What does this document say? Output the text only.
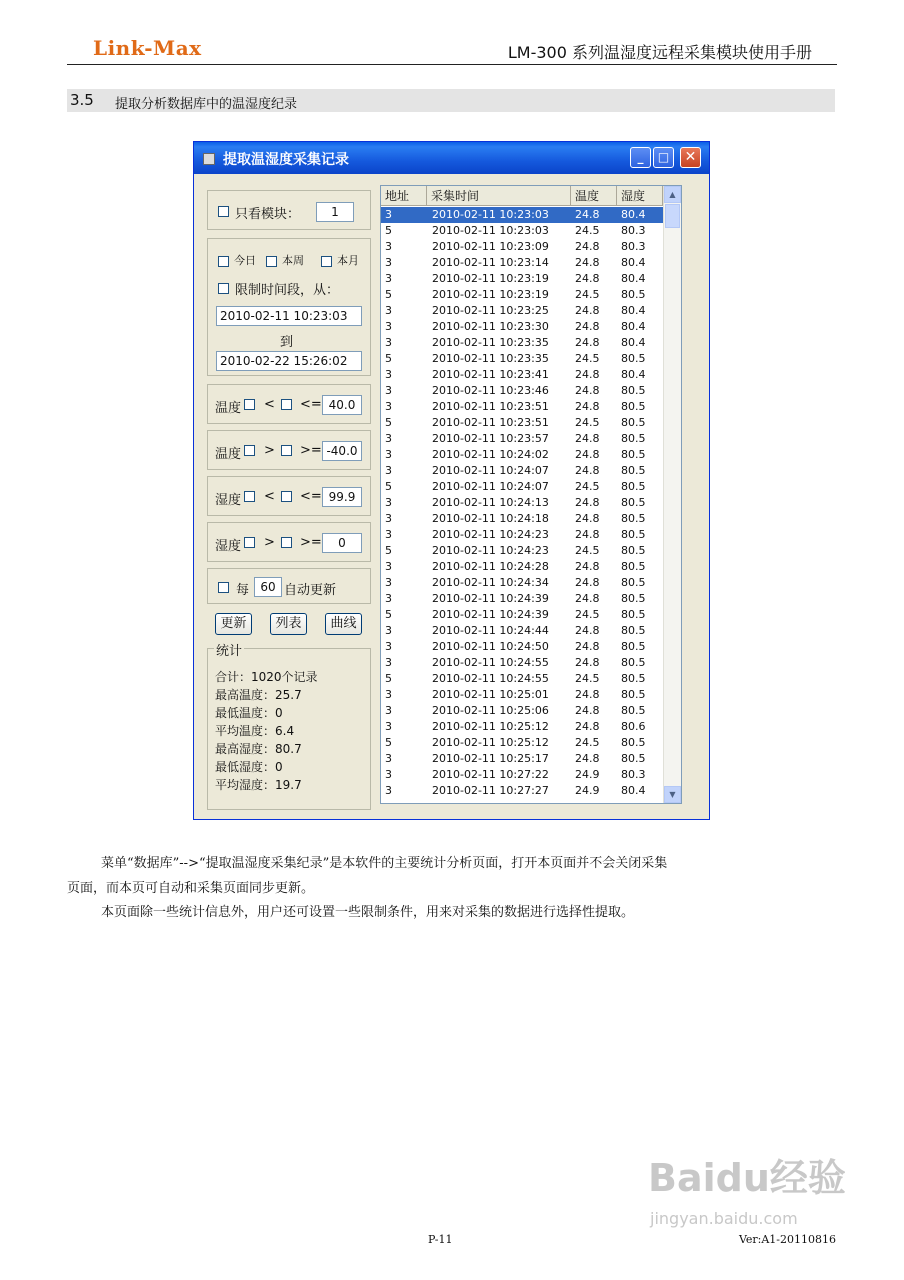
Link-Max	LM-300 系列温湿度远程采集模块使用手册
3.5 提取分析数据库中的温湿度纪录
提取温湿度采集记录	_	□	✕
只看模块：	1
今日 本周	本月
限制时间段，从：
2010-02-11 10:23:03
到
2010-02-22 15:26:02
温度 < <= 40.0
温度 > >= -40.0
湿度 < <= 99.9
湿度 > >=	0
每 60 自动更新
更新	列表	曲线
统计
合计：1020个记录
最高温度：25.7
最低温度：0
平均温度：6.4
最高湿度：80.7
最低湿度：0
平均湿度：19.7
地址	采集时间	温度	湿度
3	2010-02-11 10:23:03 24.8 80.4
5	2010-02-11 10:23:03 24.5 80.3
3	2010-02-11 10:23:09 24.8 80.3
3	2010-02-11 10:23:14 24.8 80.4
3	2010-02-11 10:23:19 24.8 80.4
5	2010-02-11 10:23:19 24.5 80.5
3	2010-02-11 10:23:25 24.8 80.4
3	2010-02-11 10:23:30 24.8 80.4
3	2010-02-11 10:23:35 24.8 80.4
5	2010-02-11 10:23:35 24.5 80.5
3	2010-02-11 10:23:41 24.8 80.4
3	2010-02-11 10:23:46 24.8 80.5
3	2010-02-11 10:23:51 24.8 80.5
5	2010-02-11 10:23:51 24.5 80.5
3	2010-02-11 10:23:57 24.8 80.5
3	2010-02-11 10:24:02 24.8 80.5
3	2010-02-11 10:24:07 24.8 80.5
5	2010-02-11 10:24:07 24.5 80.5
3	2010-02-11 10:24:13 24.8 80.5
3	2010-02-11 10:24:18 24.8 80.5
3	2010-02-11 10:24:23 24.8 80.5
5	2010-02-11 10:24:23 24.5 80.5
3	2010-02-11 10:24:28 24.8 80.5
3	2010-02-11 10:24:34 24.8 80.5
3	2010-02-11 10:24:39 24.8 80.5
5	2010-02-11 10:24:39 24.5 80.5
3	2010-02-11 10:24:44 24.8 80.5
3	2010-02-11 10:24:50 24.8 80.5
3	2010-02-11 10:24:55 24.8 80.5
5	2010-02-11 10:24:55 24.5 80.5
3	2010-02-11 10:25:01 24.8 80.5
3	2010-02-11 10:25:06 24.8 80.5
3	2010-02-11 10:25:12 24.8 80.6
5	2010-02-11 10:25:12 24.5 80.5
3	2010-02-11 10:25:17 24.8 80.5
3	2010-02-11 10:27:22 24.9 80.3
3	2010-02-11 10:27:27 24.9 80.4
▲
▼
菜单“数据库”-->“提取温湿度采集纪录”是本软件的主要统计分析页面，打开本页面并不会关闭采集
页面，而本页可自动和采集页面同步更新。
本页面除一些统计信息外，用户还可设置一些限制条件，用来对采集的数据进行选择性提取。
Baidu经验
jingyan.baidu.com
P-11	Ver:A1-20110816
